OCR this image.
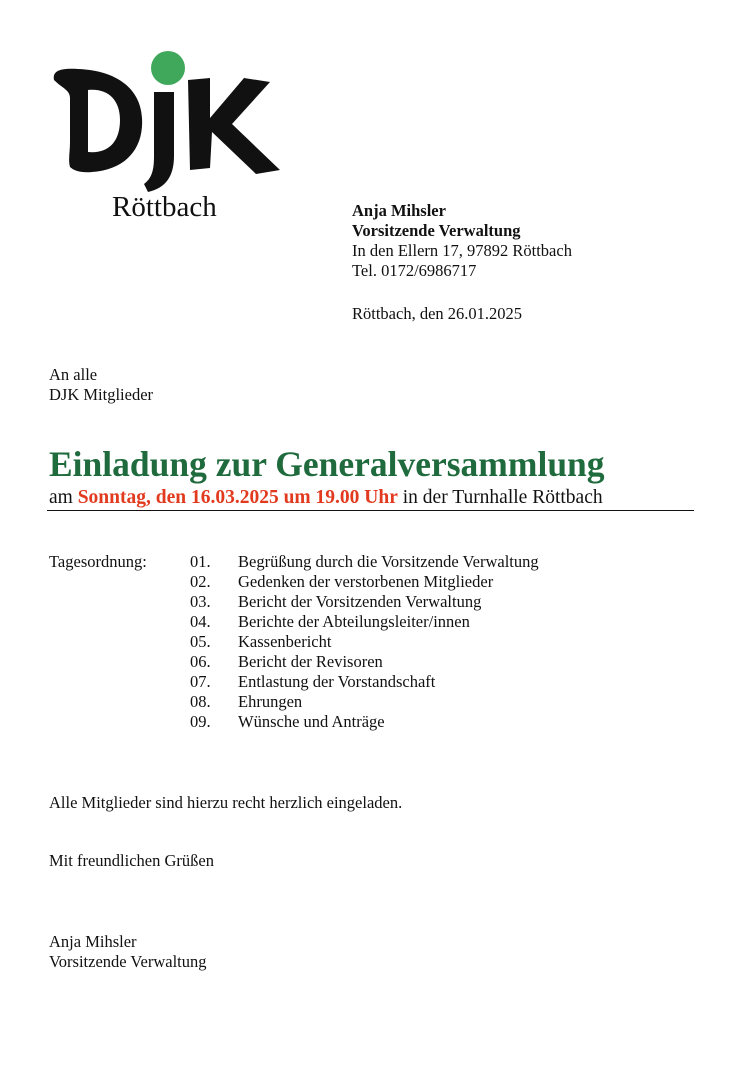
Röttbach	Anja Mihsler
Vorsitzende Verwaltung
In den Ellern 17, 97892 Röttbach
Tel. 0172/6986717
Röttbach, den 26.01.2025
An alle
DJK Mitglieder
Einladung zur Generalversammlung
am Sonntag, den 16.03.2025 um 19.00 Uhr in der Turnhalle Röttbach
Tagesordnung:	01.	Begrüßung durch die Vorsitzende Verwaltung
02.	Gedenken der verstorbenen Mitglieder
03.	Bericht der Vorsitzenden Verwaltung
04.	Berichte der Abteilungsleiter/innen
05.	Kassenbericht
06.	Bericht der Revisoren
07.	Entlastung der Vorstandschaft
08.	Ehrungen
09.	Wünsche und Anträge
Alle Mitglieder sind hierzu recht herzlich eingeladen.
Mit freundlichen Grüßen
Anja Mihsler
Vorsitzende Verwaltung
